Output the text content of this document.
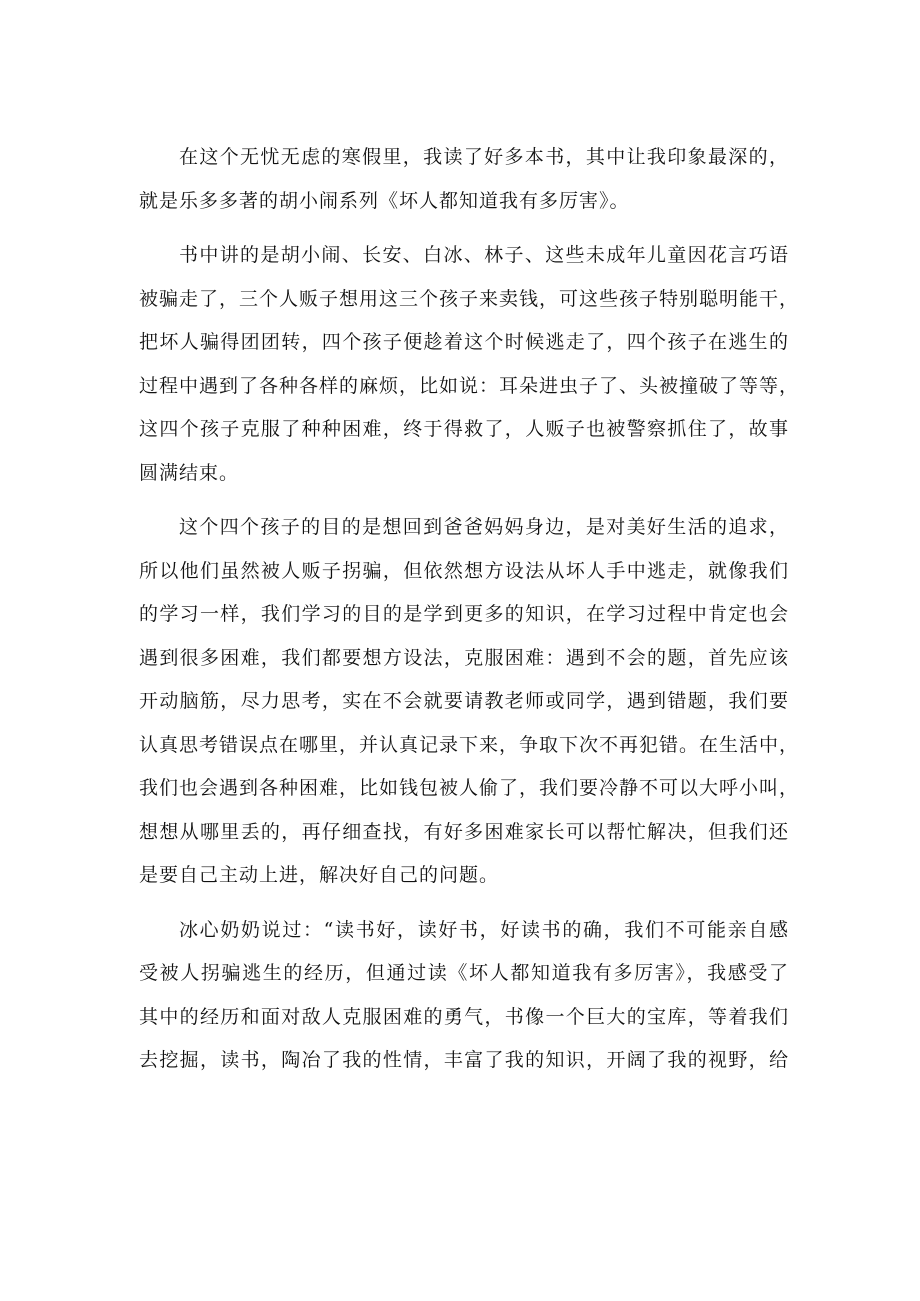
在这个无忧无虑的寒假里，我读了好多本书，其中让我印象最深的，
就是乐多多著的胡小闹系列《坏人都知道我有多厉害》。
书中讲的是胡小闹、长安、白冰、林子、这些未成年儿童因花言巧语
被骗走了，三个人贩子想用这三个孩子来卖钱，可这些孩子特别聪明能干，
把坏人骗得团团转，四个孩子便趁着这个时候逃走了，四个孩子在逃生的
过程中遇到了各种各样的麻烦，比如说：耳朵进虫子了、头被撞破了等等，
这四个孩子克服了种种困难，终于得救了，人贩子也被警察抓住了，故事
圆满结束。
这个四个孩子的目的是想回到爸爸妈妈身边，是对美好生活的追求，
所以他们虽然被人贩子拐骗，但依然想方设法从坏人手中逃走，就像我们
的学习一样，我们学习的目的是学到更多的知识，在学习过程中肯定也会
遇到很多困难，我们都要想方设法，克服困难：遇到不会的题，首先应该
开动脑筋，尽力思考，实在不会就要请教老师或同学，遇到错题，我们要
认真思考错误点在哪里，并认真记录下来，争取下次不再犯错。在生活中，
我们也会遇到各种困难，比如钱包被人偷了，我们要冷静不可以大呼小叫，
想想从哪里丢的，再仔细查找，有好多困难家长可以帮忙解决，但我们还
是要自己主动上进，解决好自己的问题。
冰心奶奶说过：“读书好，读好书，好读书的确，我们不可能亲自感
受被人拐骗逃生的经历，但通过读《坏人都知道我有多厉害》，我感受了
其中的经历和面对敌人克服困难的勇气，书像一个巨大的宝库，等着我们
去挖掘，读书，陶冶了我的性情，丰富了我的知识，开阔了我的视野，给
